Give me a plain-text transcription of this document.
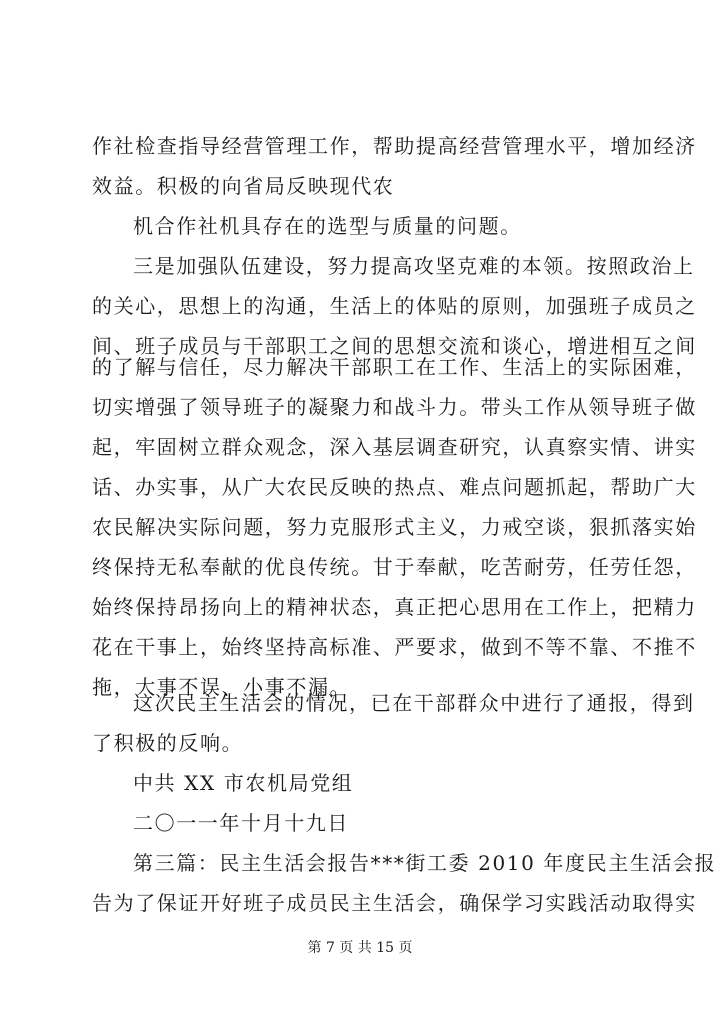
作社检查指导经营管理工作，帮助提高经营管理水平，增加经济
效益。积极的向省局反映现代农
机合作社机具存在的选型与质量的问题。
三是加强队伍建设，努力提高攻坚克难的本领。按照政治上
的关心，思想上的沟通，生活上的体贴的原则，加强班子成员之
间、班子成员与干部职工之间的思想交流和谈心，增进相互之间
的了解与信任，尽力解决干部职工在工作、生活上的实际困难，
切实增强了领导班子的凝聚力和战斗力。带头工作从领导班子做
起，牢固树立群众观念，深入基层调查研究，认真察实情、讲实
话、办实事，从广大农民反映的热点、难点问题抓起，帮助广大
农民解决实际问题，努力克服形式主义，力戒空谈，狠抓落实始
终保持无私奉献的优良传统。甘于奉献，吃苦耐劳，任劳任怨，
始终保持昂扬向上的精神状态，真正把心思用在工作上，把精力
花在干事上，始终坚持高标准、严要求，做到不等不靠、不推不
拖，大事不误、小事不漏。
这次民主生活会的情况，已在干部群众中进行了通报，得到
了积极的反响。
中共 XX 市农机局党组
二〇一一年十月十九日
第三篇：民主生活会报告***街工委 2010 年度民主生活会报
告为了保证开好班子成员民主生活会，确保学习实践活动取得实
第 7 页 共 15 页
